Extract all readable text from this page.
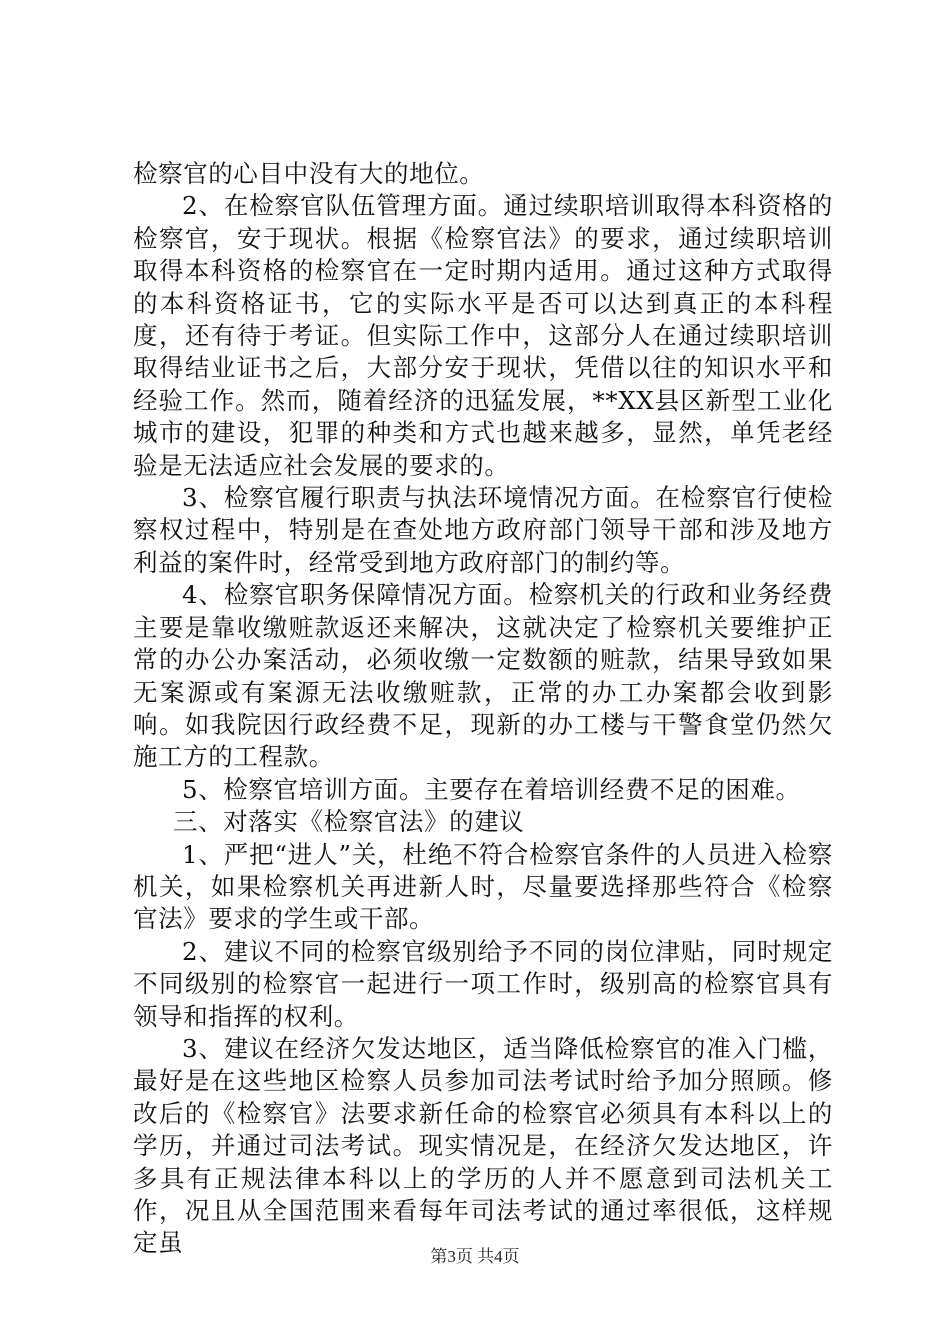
检察官的心目中没有大的地位。

2、在检察官队伍管理方面。通过续职培训取得本科资格的检察官，安于现状。根据《检察官法》的要求，通过续职培训取得本科资格的检察官在一定时期内适用。通过这种方式取得的本科资格证书，它的实际水平是否可以达到真正的本科程度，还有待于考证。但实际工作中，这部分人在通过续职培训取得结业证书之后，大部分安于现状，凭借以往的知识水平和经验工作。然而，随着经济的迅猛发展，**XX县区新型工业化城市的建设，犯罪的种类和方式也越来越多，显然，单凭老经验是无法适应社会发展的要求的。

3、检察官履行职责与执法环境情况方面。在检察官行使检察权过程中，特别是在查处地方政府部门领导干部和涉及地方利益的案件时，经常受到地方政府部门的制约等。

4、检察官职务保障情况方面。检察机关的行政和业务经费主要是靠收缴赃款返还来解决，这就决定了检察机关要维护正常的办公办案活动，必须收缴一定数额的赃款，结果导致如果无案源或有案源无法收缴赃款，正常的办工办案都会收到影响。如我院因行政经费不足，现新的办工楼与干警食堂仍然欠施工方的工程款。

5、检察官培训方面。主要存在着培训经费不足的困难。

三、对落实《检察官法》的建议

1、严把“进人”关，杜绝不符合检察官条件的人员进入检察机关，如果检察机关再进新人时，尽量要选择那些符合《检察官法》要求的学生或干部。

2、建议不同的检察官级别给予不同的岗位津贴，同时规定不同级别的检察官一起进行一项工作时，级别高的检察官具有领导和指挥的权利。

3、建议在经济欠发达地区，适当降低检察官的准入门槛，最好是在这些地区检察人员参加司法考试时给予加分照顾。修改后的《检察官》法要求新任命的检察官必须具有本科以上的学历，并通过司法考试。现实情况是，在经济欠发达地区，许多具有正规法律本科以上的学历的人并不愿意到司法机关工作，况且从全国范围来看每年司法考试的通过率很低，这样规定虽	第3页 共4页
